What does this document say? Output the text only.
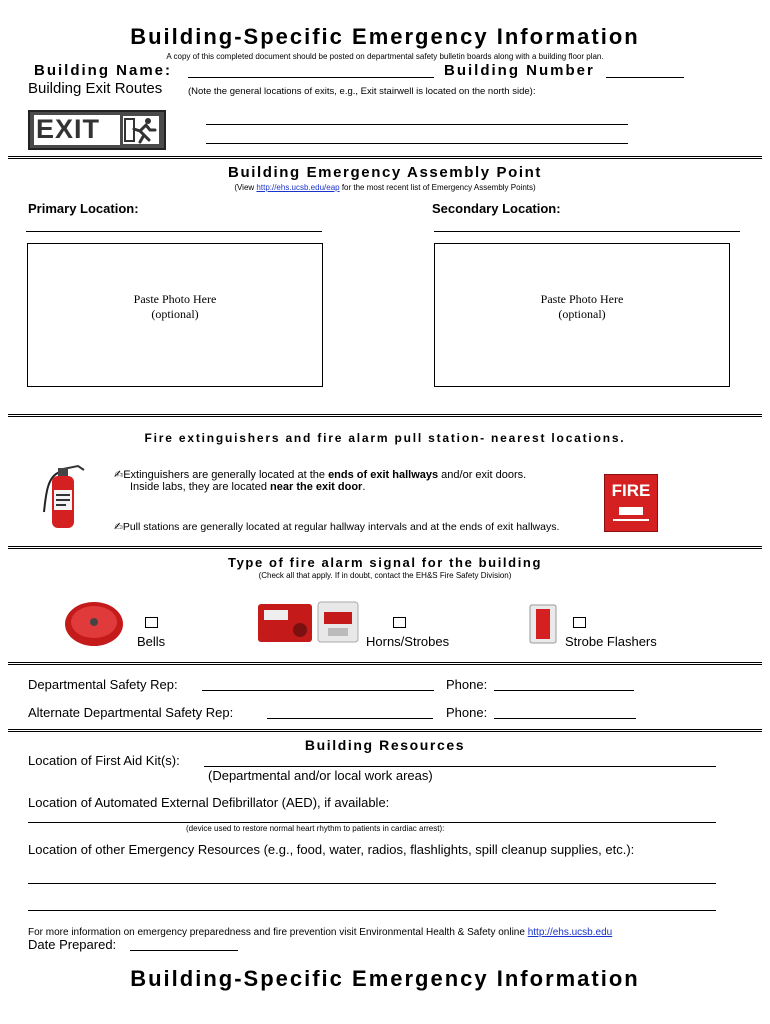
Building-Specific Emergency Information
A copy of this completed document should be posted on departmental safety bulletin boards along with a building floor plan.
Building Name:	Building Number
Building Exit Routes	(Note the general locations of exits, e.g., Exit stairwell is located on the north side):
EXIT
Building Emergency Assembly Point
(View http://ehs.ucsb.edu/eap for the most recent list of Emergency Assembly Points)
Primary Location:	Secondary Location:
Paste Photo Here
(optional)
Paste Photo Here
(optional)
Fire extinguishers and fire alarm pull station- nearest locations.
✍Extinguishers are generally located at the ends of exit hallways and/or exit doors.
Inside labs, they are located near the exit door.
✍Pull stations are generally located at regular hallway intervals and at the ends of exit hallways.
FIRE
Type of fire alarm signal for the building
(Check all that apply. If in doubt, contact the EH&S Fire Safety Division)
Bells	Horns/Strobes	Strobe Flashers
Departmental Safety Rep:	Phone:
Alternate Departmental Safety Rep:	Phone:
Building Resources
Location of First Aid Kit(s):
(Departmental and/or local work areas)
Location of Automated External Defibrillator (AED), if available:
(device used to restore normal heart rhythm to patients in cardiac arrest):
Location of other Emergency Resources (e.g., food, water, radios, flashlights, spill cleanup supplies, etc.):
For more information on emergency preparedness and fire prevention visit Environmental Health & Safety online http://ehs.ucsb.edu
Date Prepared:
Building-Specific Emergency Information
